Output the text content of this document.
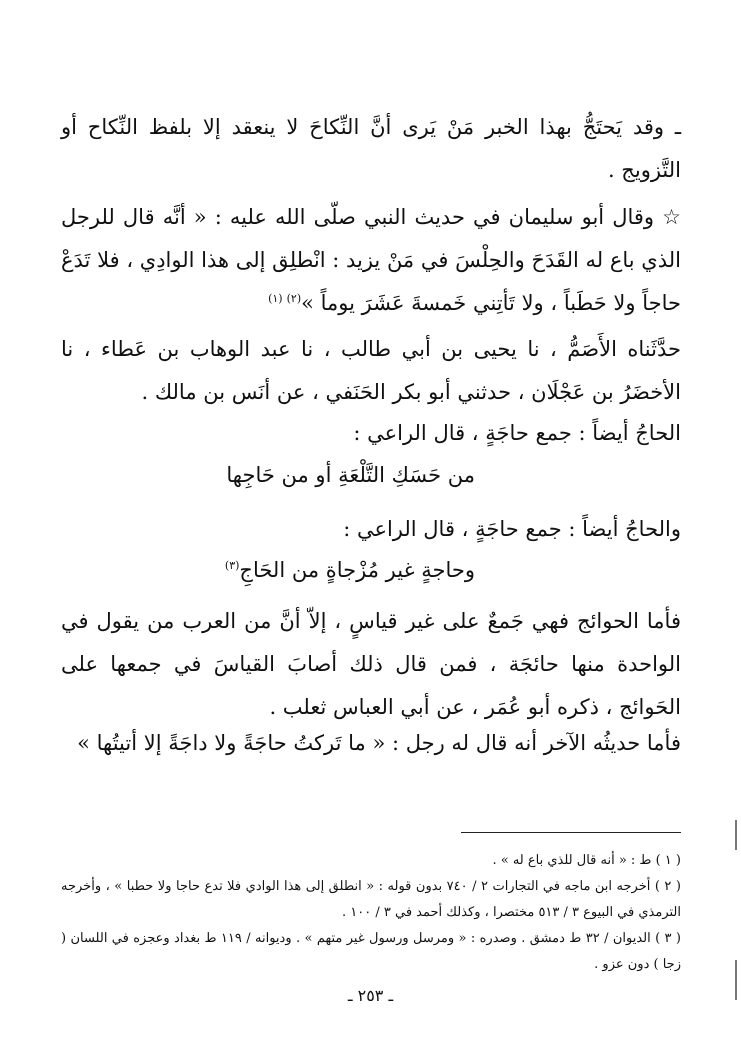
ـ وقد يَحتَجُّ بهذا الخبر مَنْ يَرى أنَّ النِّكاحَ لا ينعقد إلا بلفظ النِّكاح أو التَّزويج .

☆ وقال أبو سليمان في حديث النبي صلّى الله عليه : « أنَّه قال للرجل الذي باع له القَدَحَ والحِلْسَ في مَنْ يزيد : انْطلِق إلى هذا الوادِي ، فلا تَدَعْ حاجاً ولا حَطَباً ، ولا تَأتِني خَمسةَ عَشَرَ يوماً »$^{(٢)(١)}$

حدَّثَناه الأَصَمُّ ، نا يحيى بن أبي طالب ، نا عبد الوهاب بن عَطاء ، نا الأخضَرُ بن عَجْلَان ، حدثني أبو بكر الحَنَفي ، عن أنَس بن مالك .

الحاجُ أيضاً : جمع حاجَةٍ ، قال الراعي :

من حَسَكِ التَّلْعَةِ أو من حَاجِها

والحاجُ أيضاً : جمع حاجَةٍ ، قال الراعي :

وحاجةٍ غير مُزْجاةٍ من الحَاجِ$^{(٣)}$

فأما الحوائج فهي جَمعٌ على غير قياسٍ ، إلاّ أنَّ من العرب من يقول في الواحدة منها حائجَة ، فمن قال ذلك أصابَ القياسَ في جمعها على الحَوائج ، ذكره أبو عُمَر ، عن أبي العباس ثعلب .

فأما حديثُه الآخر أنه قال له رجل : « ما تَركتُ حاجَةً ولا داجَةً إلا أتيتُها »

( ١ ) ط : « أنه قال للذي باع له » .

( ٢ ) أخرجه ابن ماجه في التجارات ٢ / ٧٤٠ بدون قوله : « انطلق إلى هذا الوادي فلا تدع حاجا ولا حطبا » ، وأخرجه الترمذي في البيوع ٣ / ٥١٣ مختصرا ، وكذلك أحمد في ٣ / ١٠٠ .

( ٣ ) الديوان / ٣٢ ط دمشق . وصدره : « ومرسل ورسول غير متهم » . وديوانه / ١١٩ ط بغداد وعجزه في اللسان ( زجا ) دون عزو .

ـ ٢٥٣ ـ
